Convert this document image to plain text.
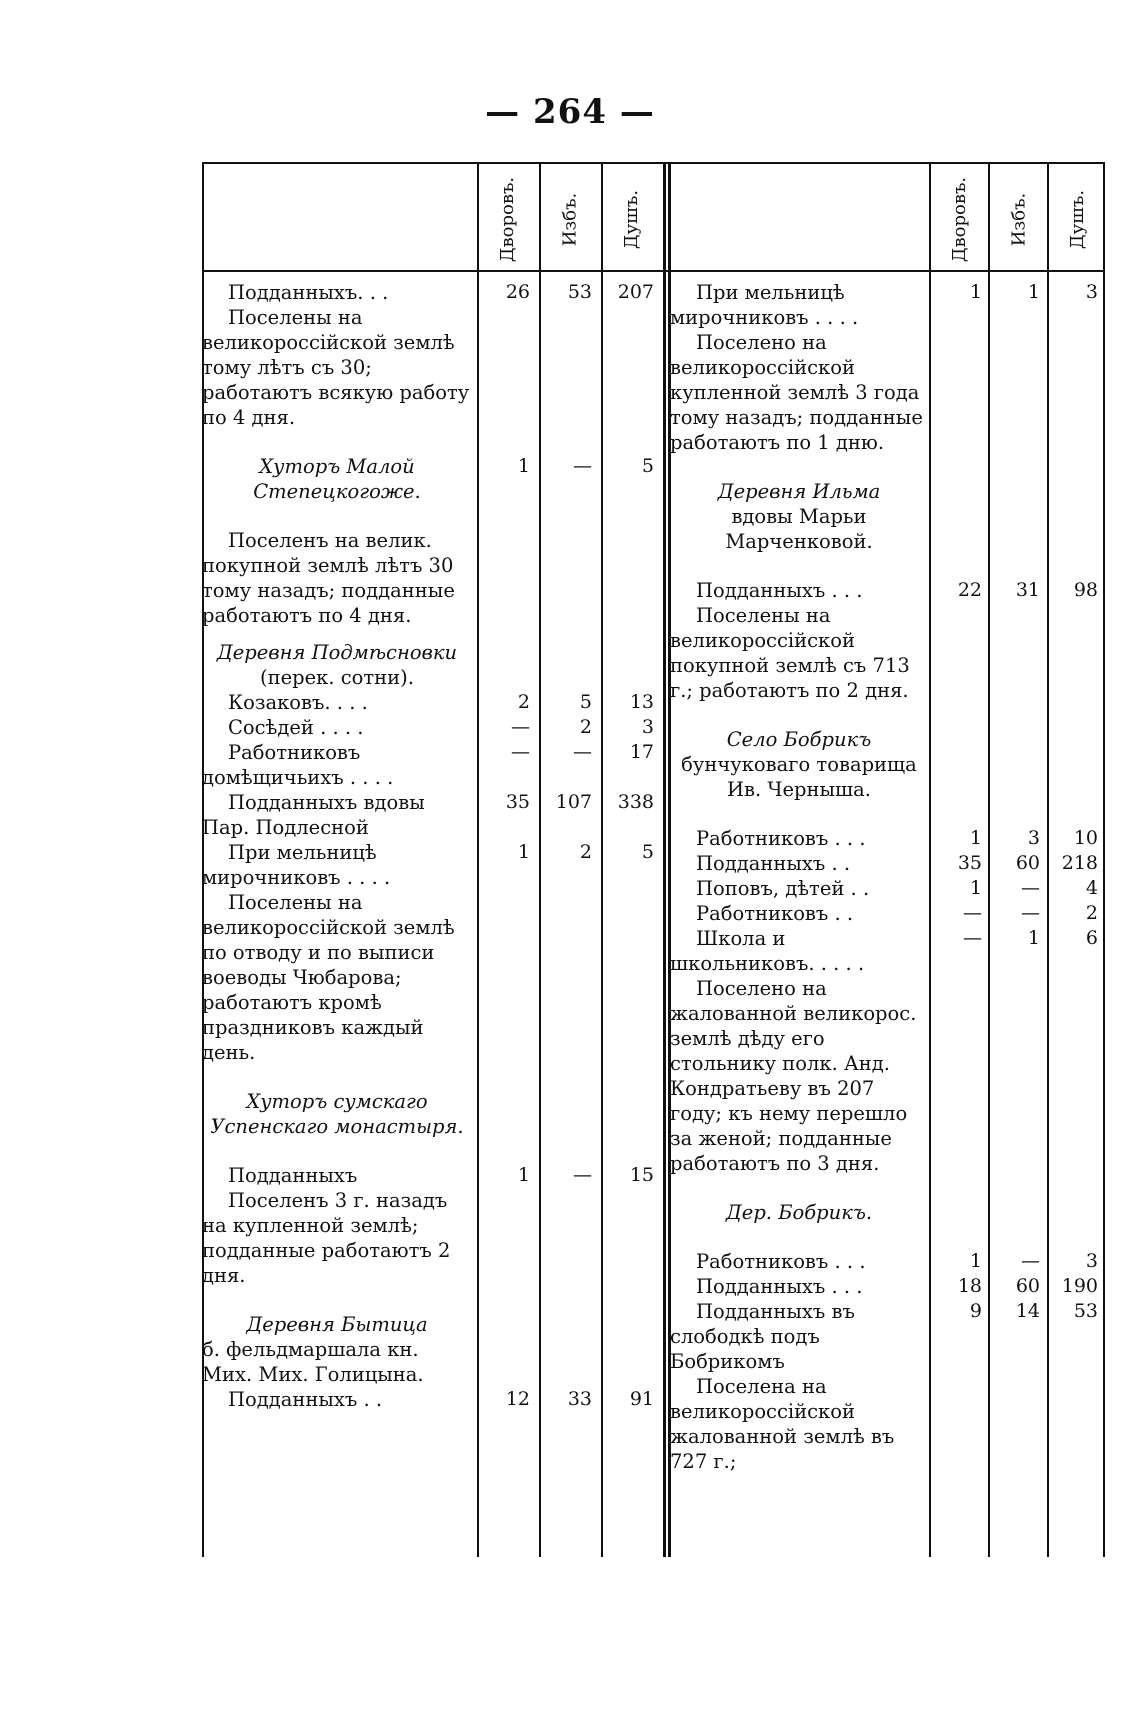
— 264 —
Дворовъ. Избъ. Душъ.	Дворовъ. Избъ. Душъ.
Подданныхъ. . .	26	53	207
Поселены на великороссійской землѣ тому лѣтъ съ 30; работаютъ всякую работу по 4 дня.
Хуторъ Малой Степецкогоже.
1	—	5
Поселенъ на велик. покупной землѣ лѣтъ 30 тому назадъ; подданные работаютъ по 4 дня.
Деревня Подмѣсновки
(перек. сотни).
Козаковъ. . . .	2	5	13
Сосѣдей . . . .	—	2	3
Работниковъ домѣщичьихъ . . . .
—	—	17
Подданныхъ вдовы Пар. Подлесной
35	107	338
При мельницѣ мирочниковъ . . . .
1	2	5
Поселены на великороссійской землѣ по отводу и по выписи воеводы Чюбарова; работаютъ кромѣ праздниковъ каждый день.
Хуторъ сумскаго Успенскаго монастыря.
Подданныхъ	1	—	15
Поселенъ 3 г. назадъ на купленной землѣ; подданные работаютъ 2 дня.
Деревня Бытица
б. фельдмаршала кн. Мих. Мих. Голицына.
Подданныхъ . .	12	33	91
При мельницѣ мирочниковъ . . . .
1	1	3
Поселено на великороссійской купленной землѣ 3 года тому назадъ; подданные работаютъ по 1 дню.
Деревня Ильма
вдовы Марьи Марченковой.
Подданныхъ . . .	22	31	98
Поселены на великороссійской покупной землѣ съ 713 г.; работаютъ по 2 дня.
Село Бобрикъ
бунчуковаго товарища Ив. Черныша.
Работниковъ . . .	1	3	10
Подданныхъ . .	35	60	218
Поповъ, дѣтей . .	1	—	4
Работниковъ . .	—	—	2
Школа и школьниковъ. . . . .
—	1	6
Поселено на жалованной великорос. землѣ дѣду его стольнику полк. Анд. Кондратьеву въ 207 году; къ нему перешло за женой; подданные работаютъ по 3 дня.
Дер. Бобрикъ.
Работниковъ . . .	1	—	3
Подданныхъ . . .	18	60	190
Подданныхъ въ слободкѣ подъ Бобрикомъ
9	14	53
Поселена на великороссійской жалованной землѣ въ 727 г.;
